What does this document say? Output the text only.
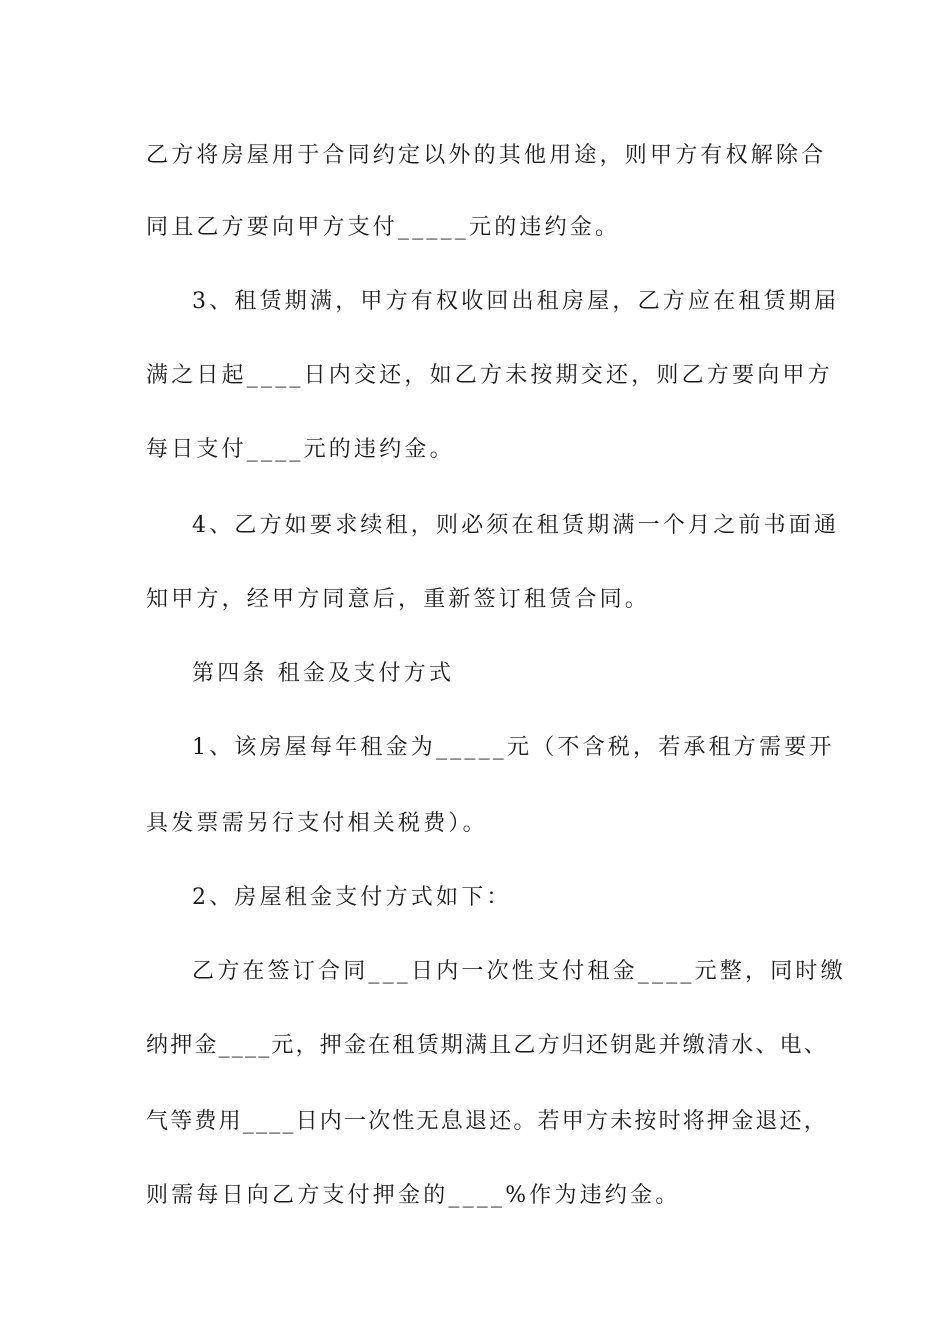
乙方将房屋用于合同约定以外的其他用途，则甲方有权解除合
同且乙方要向甲方支付_____元的违约金。
3、租赁期满，甲方有权收回出租房屋，乙方应在租赁期届
满之日起____日内交还，如乙方未按期交还，则乙方要向甲方
每日支付____元的违约金。
4、乙方如要求续租，则必须在租赁期满一个月之前书面通
知甲方，经甲方同意后，重新签订租赁合同。
第四条 租金及支付方式
1、该房屋每年租金为_____元（不含税，若承租方需要开
具发票需另行支付相关税费）。
2、房屋租金支付方式如下：
乙方在签订合同___日内一次性支付租金____元整，同时缴
纳押金____元，押金在租赁期满且乙方归还钥匙并缴清水、电、
气等费用____日内一次性无息退还。若甲方未按时将押金退还，
则需每日向乙方支付押金的____%作为违约金。
